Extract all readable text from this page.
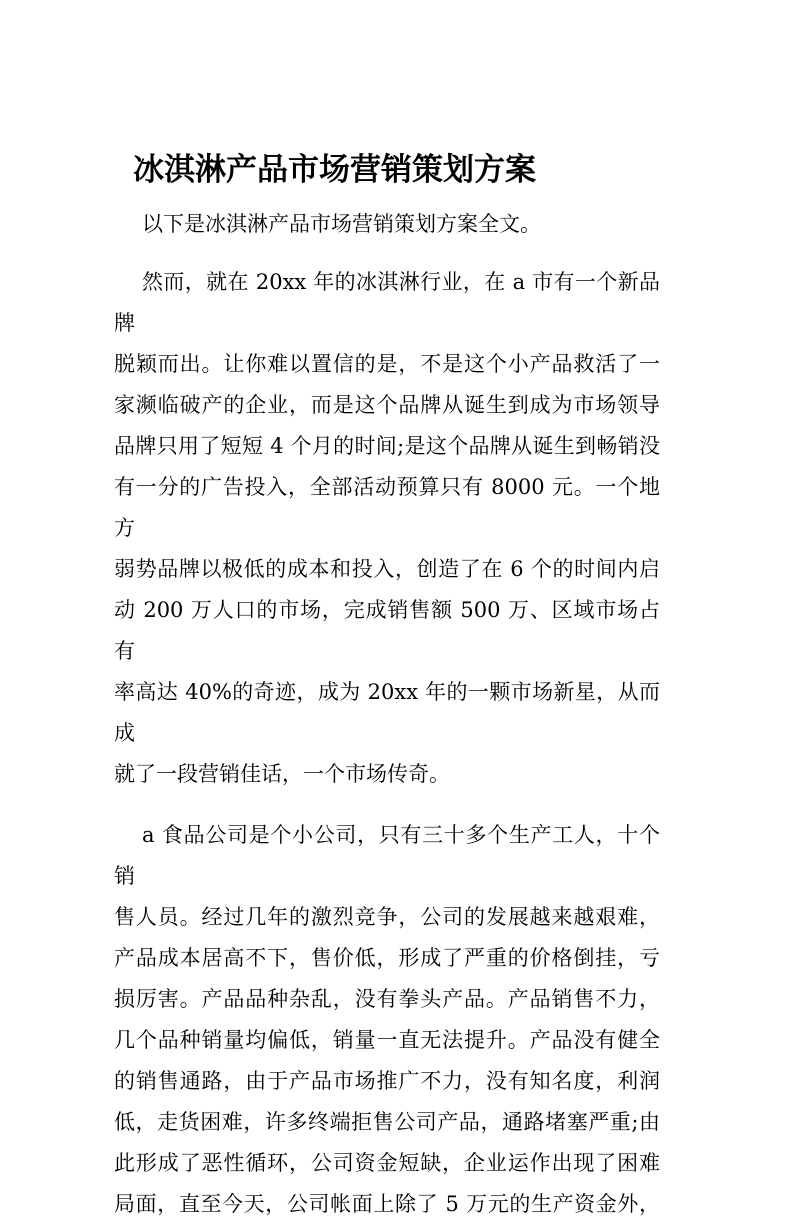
冰淇淋产品市场营销策划方案

以下是冰淇淋产品市场营销策划方案全文。

然而，就在 20xx 年的冰淇淋行业，在 a 市有一个新品牌

脱颖而出。让你难以置信的是，不是这个小产品救活了一

家濒临破产的企业，而是这个品牌从诞生到成为市场领导

品牌只用了短短 4 个月的时间;是这个品牌从诞生到畅销没

有一分的广告投入，全部活动预算只有 8000 元。一个地方

弱势品牌以极低的成本和投入，创造了在 6 个的时间内启

动 200 万人口的市场，完成销售额 500 万、区域市场占有

率高达 40%的奇迹，成为 20xx 年的一颗市场新星，从而成

就了一段营销佳话，一个市场传奇。

a 食品公司是个小公司，只有三十多个生产工人，十个销

售人员。经过几年的激烈竞争，公司的发展越来越艰难，

产品成本居高不下，售价低，形成了严重的价格倒挂，亏

损厉害。产品品种杂乱，没有拳头产品。产品销售不力，

几个品种销量均偏低，销量一直无法提升。产品没有健全

的销售通路，由于产品市场推广不力，没有知名度，利润

低，走货困难，许多终端拒售公司产品，通路堵塞严重;由

此形成了恶性循环，公司资金短缺，企业运作出现了困难

局面，直至今天，公司帐面上除了 5 万元的生产资金外，
